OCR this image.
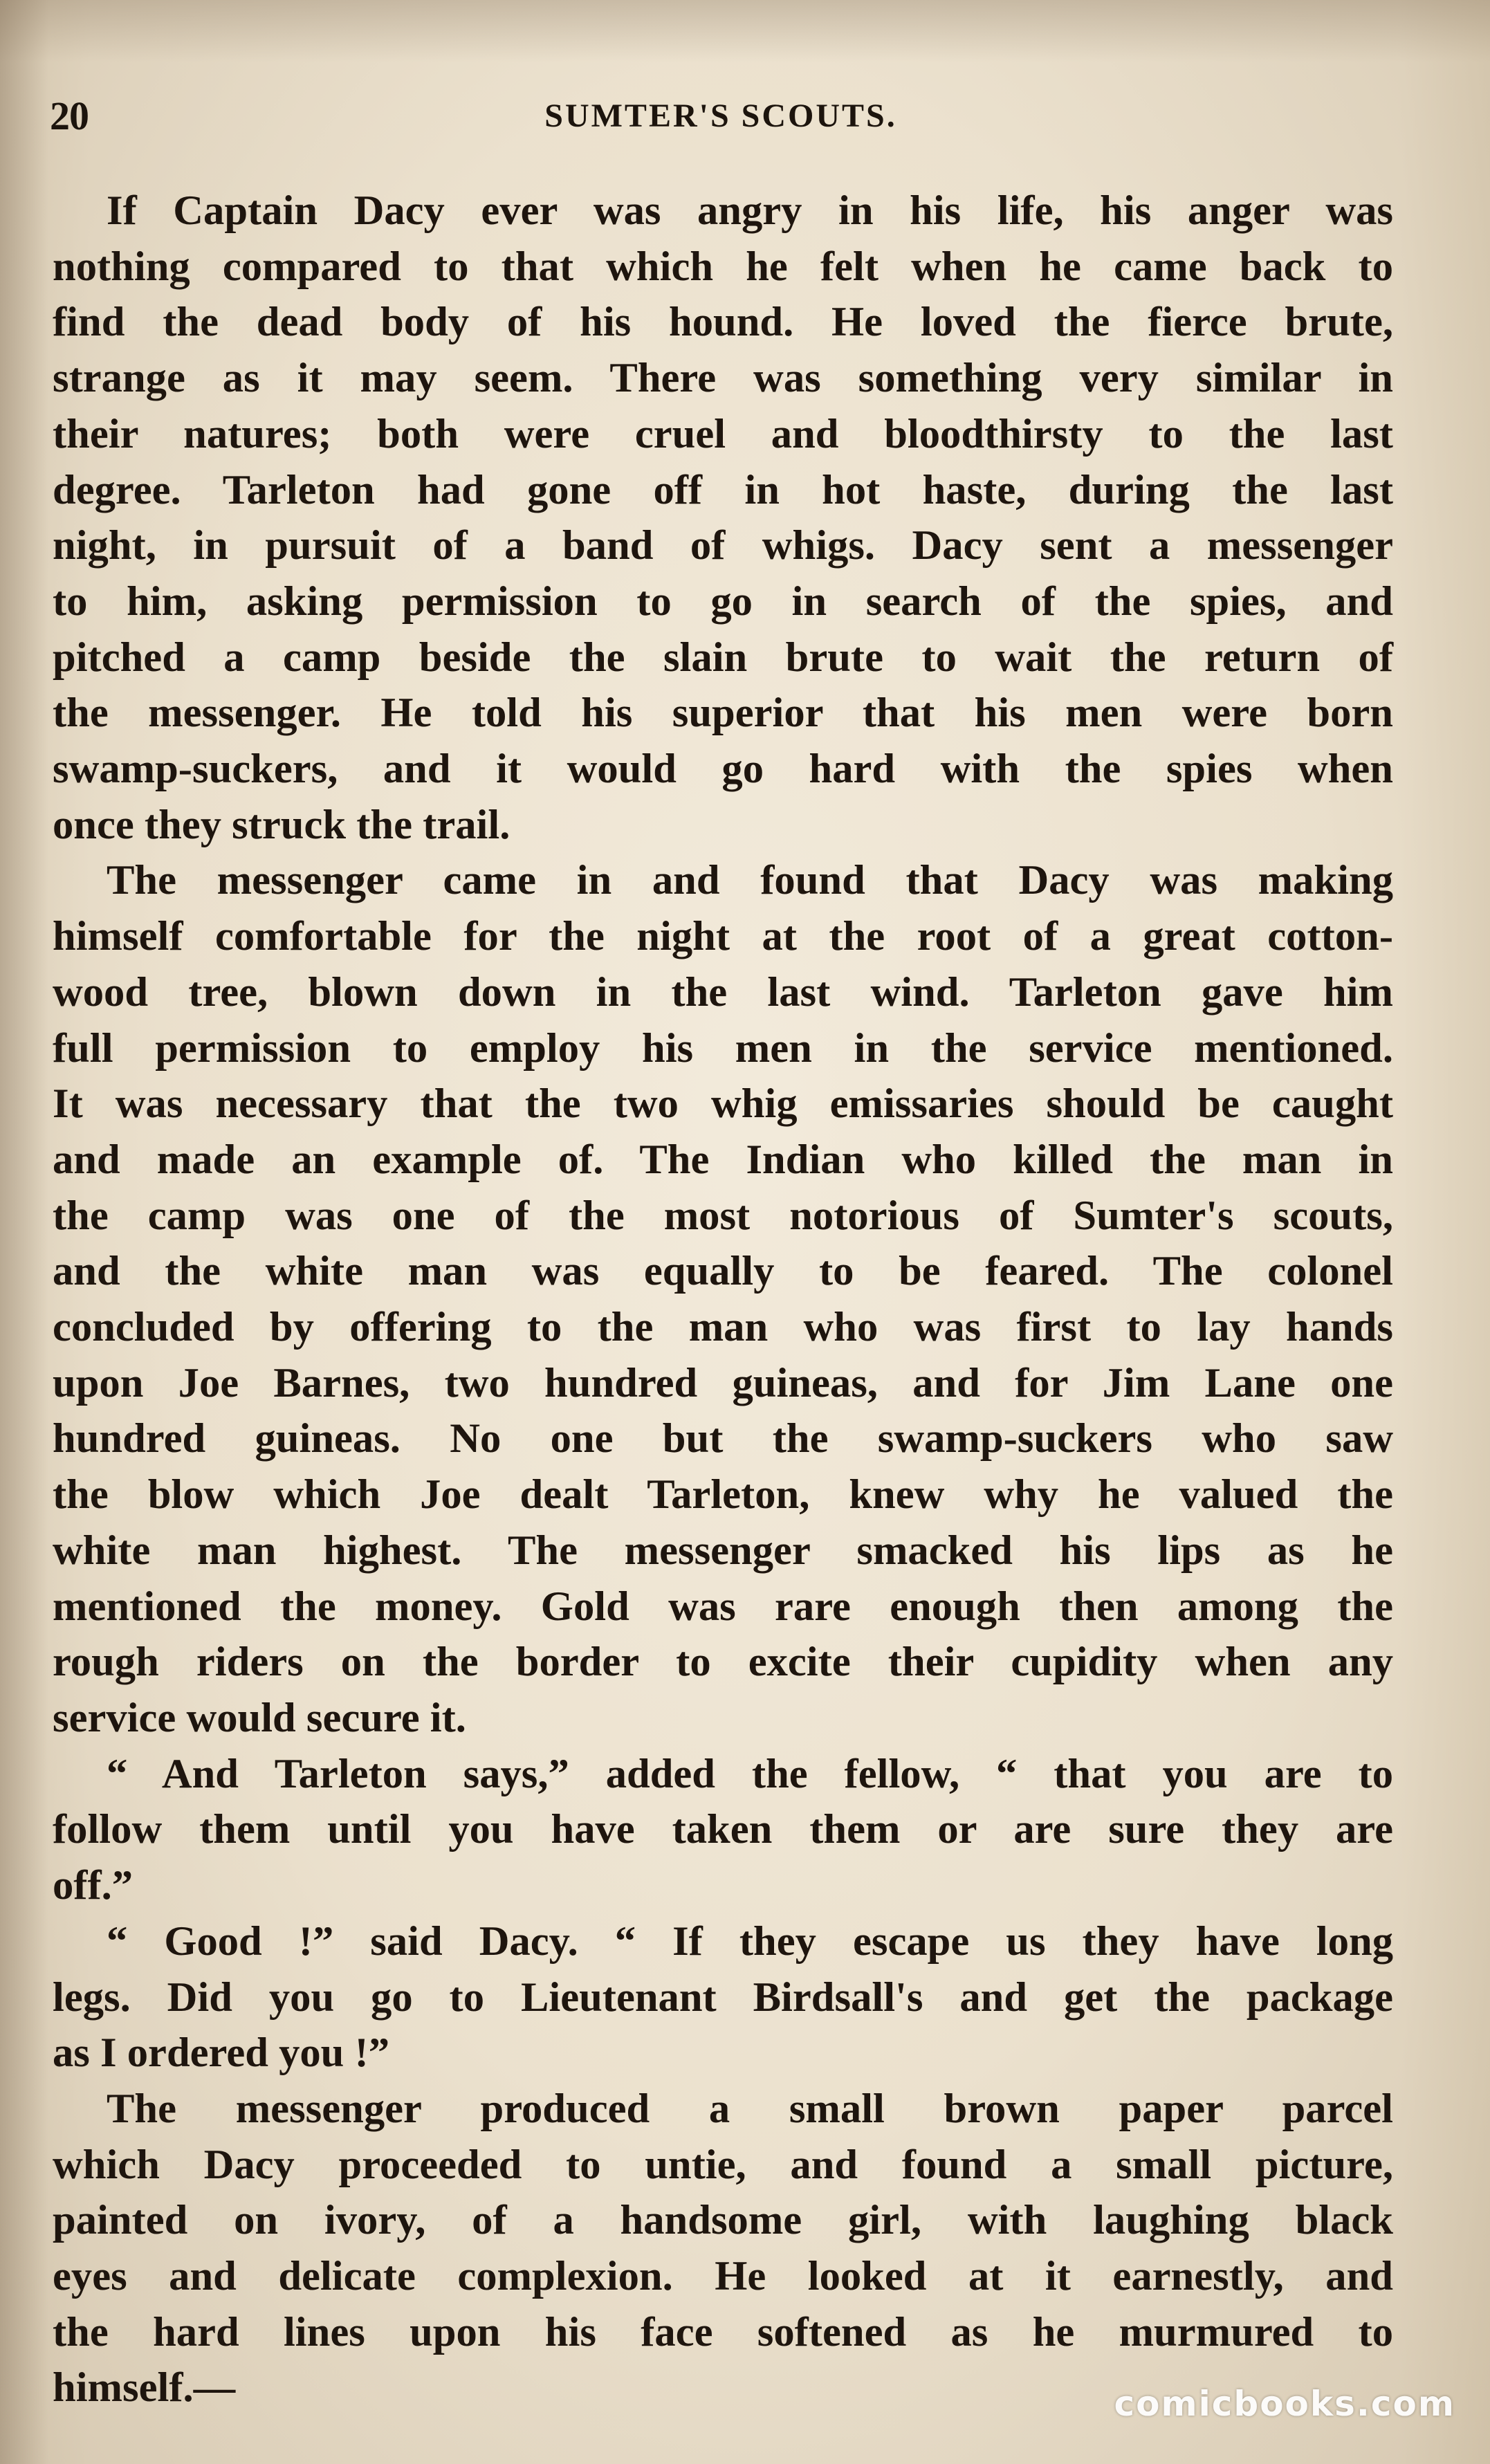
20	SUMTER'S SCOUTS.

If Captain Dacy ever was angry in his life, his anger was
nothing compared to that which he felt when he came back to
find the dead body of his hound. He loved the fierce brute,
strange as it may seem. There was something very similar in
their natures; both were cruel and bloodthirsty to the last
degree. Tarleton had gone off in hot haste, during the last
night, in pursuit of a band of whigs. Dacy sent a messenger
to him, asking permission to go in search of the spies, and
pitched a camp beside the slain brute to wait the return of
the messenger. He told his superior that his men were born
swamp-suckers, and it would go hard with the spies when
once they struck the trail.

The messenger came in and found that Dacy was making
himself comfortable for the night at the root of a great cotton-
wood tree, blown down in the last wind. Tarleton gave him
full permission to employ his men in the service mentioned.
It was necessary that the two whig emissaries should be caught
and made an example of. The Indian who killed the man in
the camp was one of the most notorious of Sumter's scouts,
and the white man was equally to be feared. The colonel
concluded by offering to the man who was first to lay hands
upon Joe Barnes, two hundred guineas, and for Jim Lane one
hundred guineas. No one but the swamp-suckers who saw
the blow which Joe dealt Tarleton, knew why he valued the
white man highest. The messenger smacked his lips as he
mentioned the money. Gold was rare enough then among the
rough riders on the border to excite their cupidity when any
service would secure it.

“ And Tarleton says,” added the fellow, “ that you are to
follow them until you have taken them or are sure they are
off.”

“ Good !” said Dacy. “ If they escape us they have long
legs. Did you go to Lieutenant Birdsall's and get the package
as I ordered you !”

The messenger produced a small brown paper parcel
which Dacy proceeded to untie, and found a small picture,
painted on ivory, of a handsome girl, with laughing black
eyes and delicate complexion. He looked at it earnestly, and
the hard lines upon his face softened as he murmured to
himself.—	comicbooks.com
